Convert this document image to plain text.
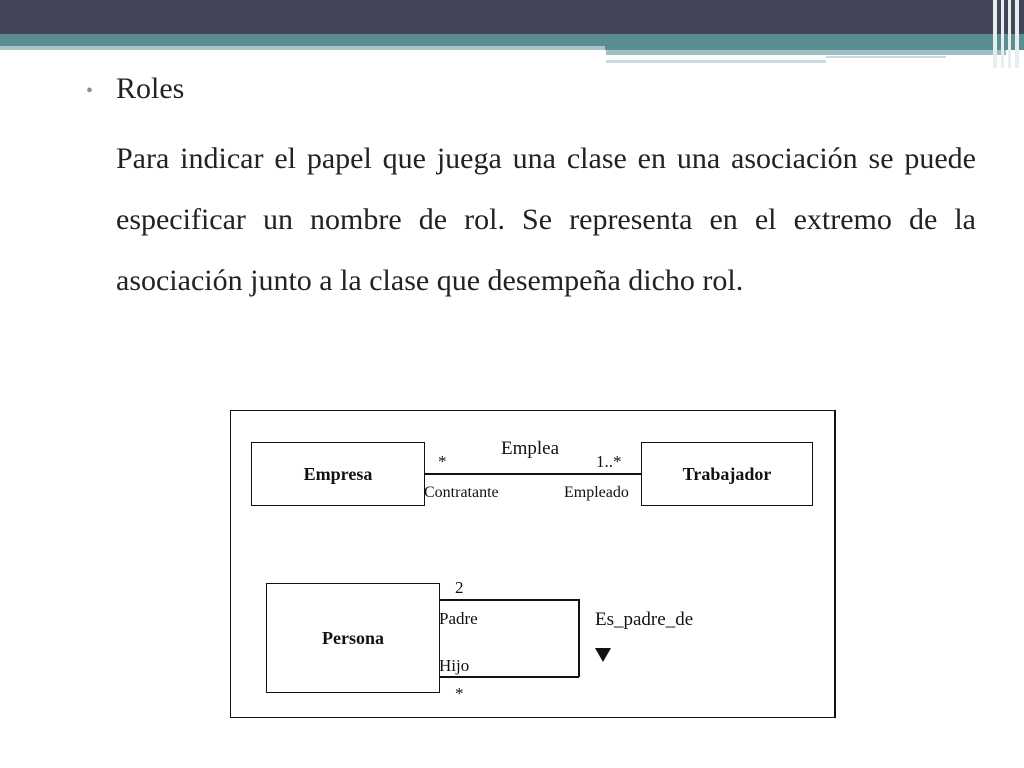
• Roles

Para indicar el papel que juega una clase en una asociación se puede especificar un nombre de rol. Se representa en el extremo de la asociación junto a la clase que desempeña dicho rol.

Empresa	Trabajador
Emplea
*	1..*
Contratante	Empleado
Persona
2
Padre
Hijo
*
Es_padre_de
